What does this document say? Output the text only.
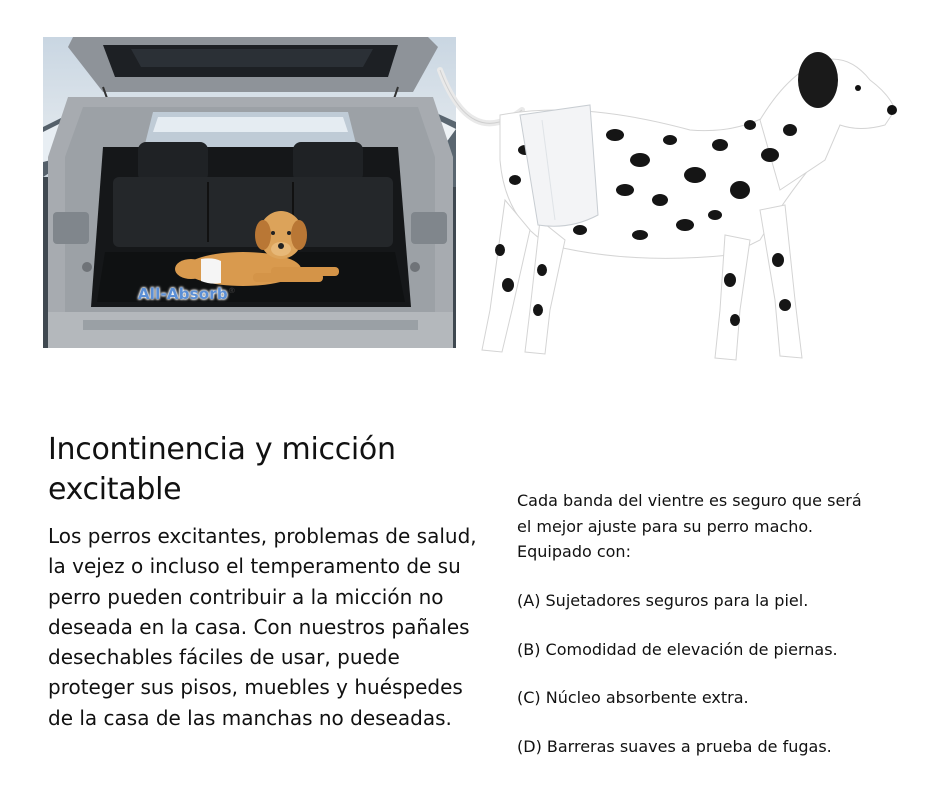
All-Absorb®
Incontinencia y micción excitable

Los perros excitantes, problemas de salud, la vejez o incluso el temperamento de su perro pueden contribuir a la micción no deseada en la casa. Con nuestros pañales desechables fáciles de usar, puede proteger sus pisos, muebles y huéspedes de la casa de las manchas no deseadas.

Cada banda del vientre es seguro que será el mejor ajuste para su perro macho. Equipado con:

(A) Sujetadores seguros para la piel.
(B) Comodidad de elevación de piernas.
(C) Núcleo absorbente extra.
(D) Barreras suaves a prueba de fugas.
